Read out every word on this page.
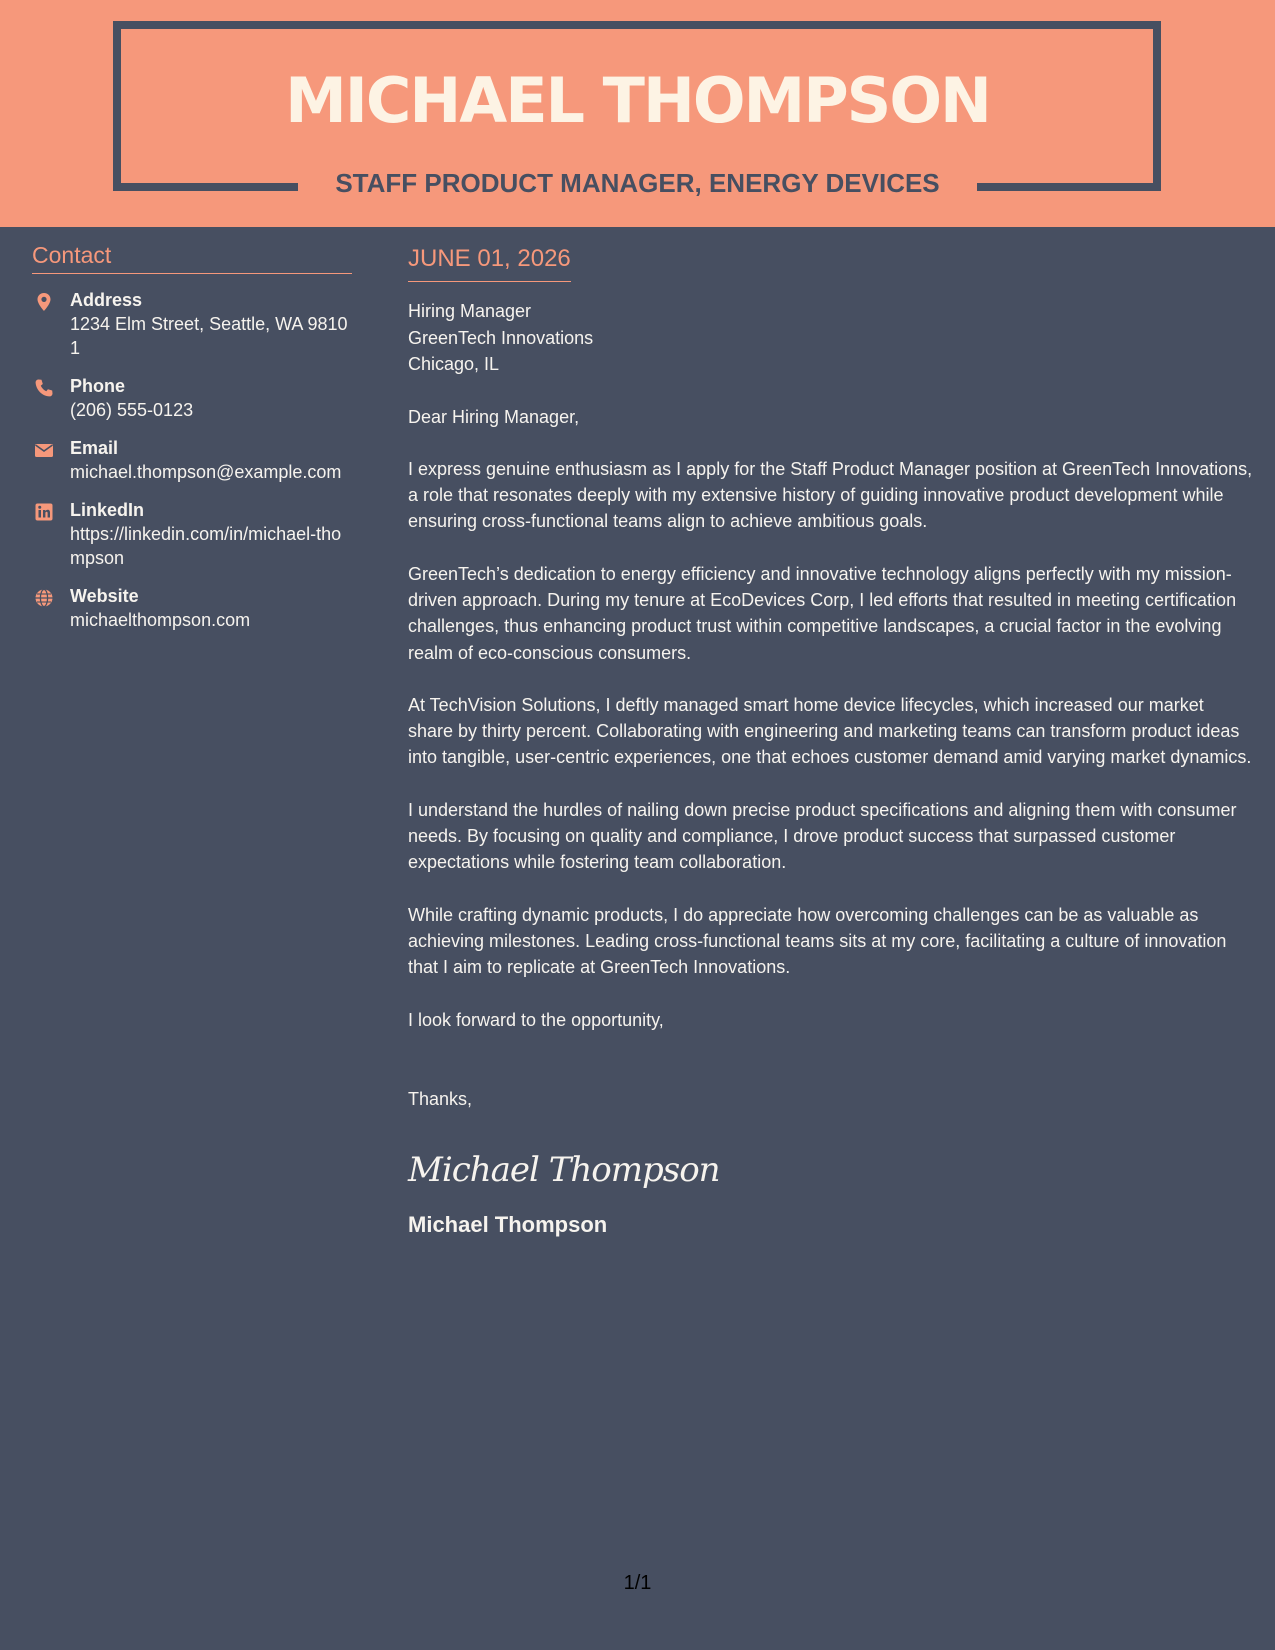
MICHAEL THOMPSON
STAFF PRODUCT MANAGER, ENERGY DEVICES
Contact
Address
1234 Elm Street, Seattle, WA 98101
Phone
(206) 555-0123
Email
michael.thompson@example.com
LinkedIn
https://linkedin.com/in/michael-thompson
Website
michaelthompson.com
JUNE 01, 2026
Hiring Manager
GreenTech Innovations
Chicago, IL

Dear Hiring Manager,

I express genuine enthusiasm as I apply for the Staff Product Manager position at GreenTech Innovations, a role that resonates deeply with my extensive history of guiding innovative product development while ensuring cross-functional teams align to achieve ambitious goals.

GreenTech’s dedication to energy efficiency and innovative technology aligns perfectly with my mission-driven approach. During my tenure at EcoDevices Corp, I led efforts that resulted in meeting certification challenges, thus enhancing product trust within competitive landscapes, a crucial factor in the evolving realm of eco-conscious consumers.

At TechVision Solutions, I deftly managed smart home device lifecycles, which increased our market share by thirty percent. Collaborating with engineering and marketing teams can transform product ideas into tangible, user-centric experiences, one that echoes customer demand amid varying market dynamics.

I understand the hurdles of nailing down precise product specifications and aligning them with consumer needs. By focusing on quality and compliance, I drove product success that surpassed customer expectations while fostering team collaboration.

While crafting dynamic products, I do appreciate how overcoming challenges can be as valuable as achieving milestones. Leading cross-functional teams sits at my core, facilitating a culture of innovation that I aim to replicate at GreenTech Innovations.

I look forward to the opportunity,

Thanks,

Michael Thompson
Michael Thompson
1/1
